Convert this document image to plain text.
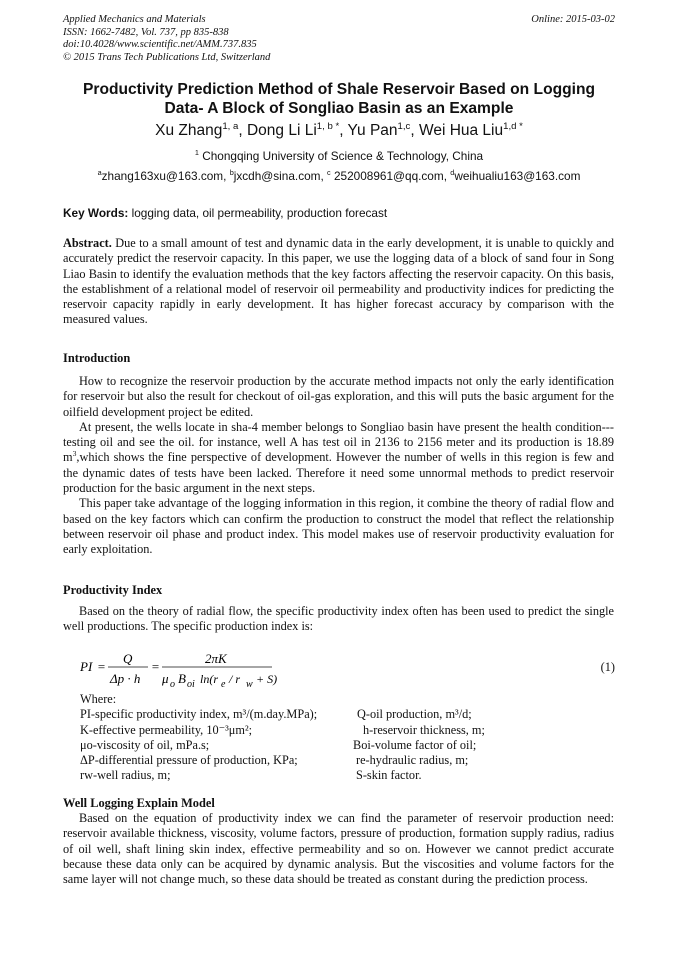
Applied Mechanics and Materials
ISSN: 1662-7482, Vol. 737, pp 835-838
doi:10.4028/www.scientific.net/AMM.737.835
© 2015 Trans Tech Publications Ltd, Switzerland
Online: 2015-03-02
Productivity Prediction Method of Shale Reservoir Based on Logging
Data- A Block of Songliao Basin as an Example
Xu Zhang$^{1, a}$, Dong Li $Li^{1, b *}$, Yu Pan$^{1,c}$, Wei Hua Liu$^{1,d *}$
$^1$ Chongqing University of Science & Technology, China
$^a$zhang163xu@163.com, $^b$jxcdh@sina.com, $^c$ 252008961@qq.com, $^d$weihualiu163@163.com
Key Words: logging data, oil permeability, production forecast

Abstract. Due to a small amount of test and dynamic data in the early development, it is unable to quickly and accurately predict the reservoir capacity. In this paper, we use the logging data of a block of sand four in Song Liao Basin to identify the evaluation methods that the key factors affecting the reservoir capacity. On this basis, the establishment of a relational model of reservoir oil permeability and productivity indices for predicting the reservoir capacity rapidly in early development. It has higher forecast accuracy by comparison with the measured values.

Introduction

How to recognize the reservoir production by the accurate method impacts not only the early identification for reservoir but also the result for checkout of oil-gas exploration, and this will puts the basic argument for the oilfield development project be edited.

At present, the wells locate in sha-4 member belongs to Songliao basin have present the health condition---testing oil and see the oil. for instance, well A has test oil in 2136 to 2156 meter and its production is 18.89 $m^3,which$ shows the fine perspective of development. However the number of wells in this region is few and the dynamic dates of tests have been lacked. Therefore it need some unnormal methods to predict reservoir production for the basic argument in the next steps.

This paper take advantage of the logging information in this region, it combine the theory of radial flow and based on the key factors which can confirm the production to construct the model that reflect the relationship between reservoir oil phase and product index. This model makes use of reservoir productivity evaluation for early exploitation.

Productivity Index

Based on the theory of radial flow, the specific productivity index often has been used to predict the single well productions. The specific production index is:

PI =
Q
Δp · h
=
2πK
μ o B oi ln(r e / r w + S)
(1)
Where:
PI-specific productivity index, m³/(m.day.MPa);	Q-oil production, m³/d;
K-effective permeability, 10⁻³μm²;	h-reservoir thickness, m;
μo-viscosity of oil, mPa.s;	Boi-volume factor of oil;
ΔP-differential pressure of production, KPa;	re-hydraulic radius, m;
rw-well radius, m;	S-skin factor.
Well Logging Explain Model

Based on the equation of productivity index we can find the parameter of reservoir production need: reservoir available thickness, viscosity, volume factors, pressure of production, formation supply radius, radius of oil well, shaft lining skin index, effective permeability and so on. However we cannot predict accurate because these data only can be acquired by dynamic analysis. But the viscosities and volume factors for the same layer will not change much, so these data should be treated as constant during the prediction process.
